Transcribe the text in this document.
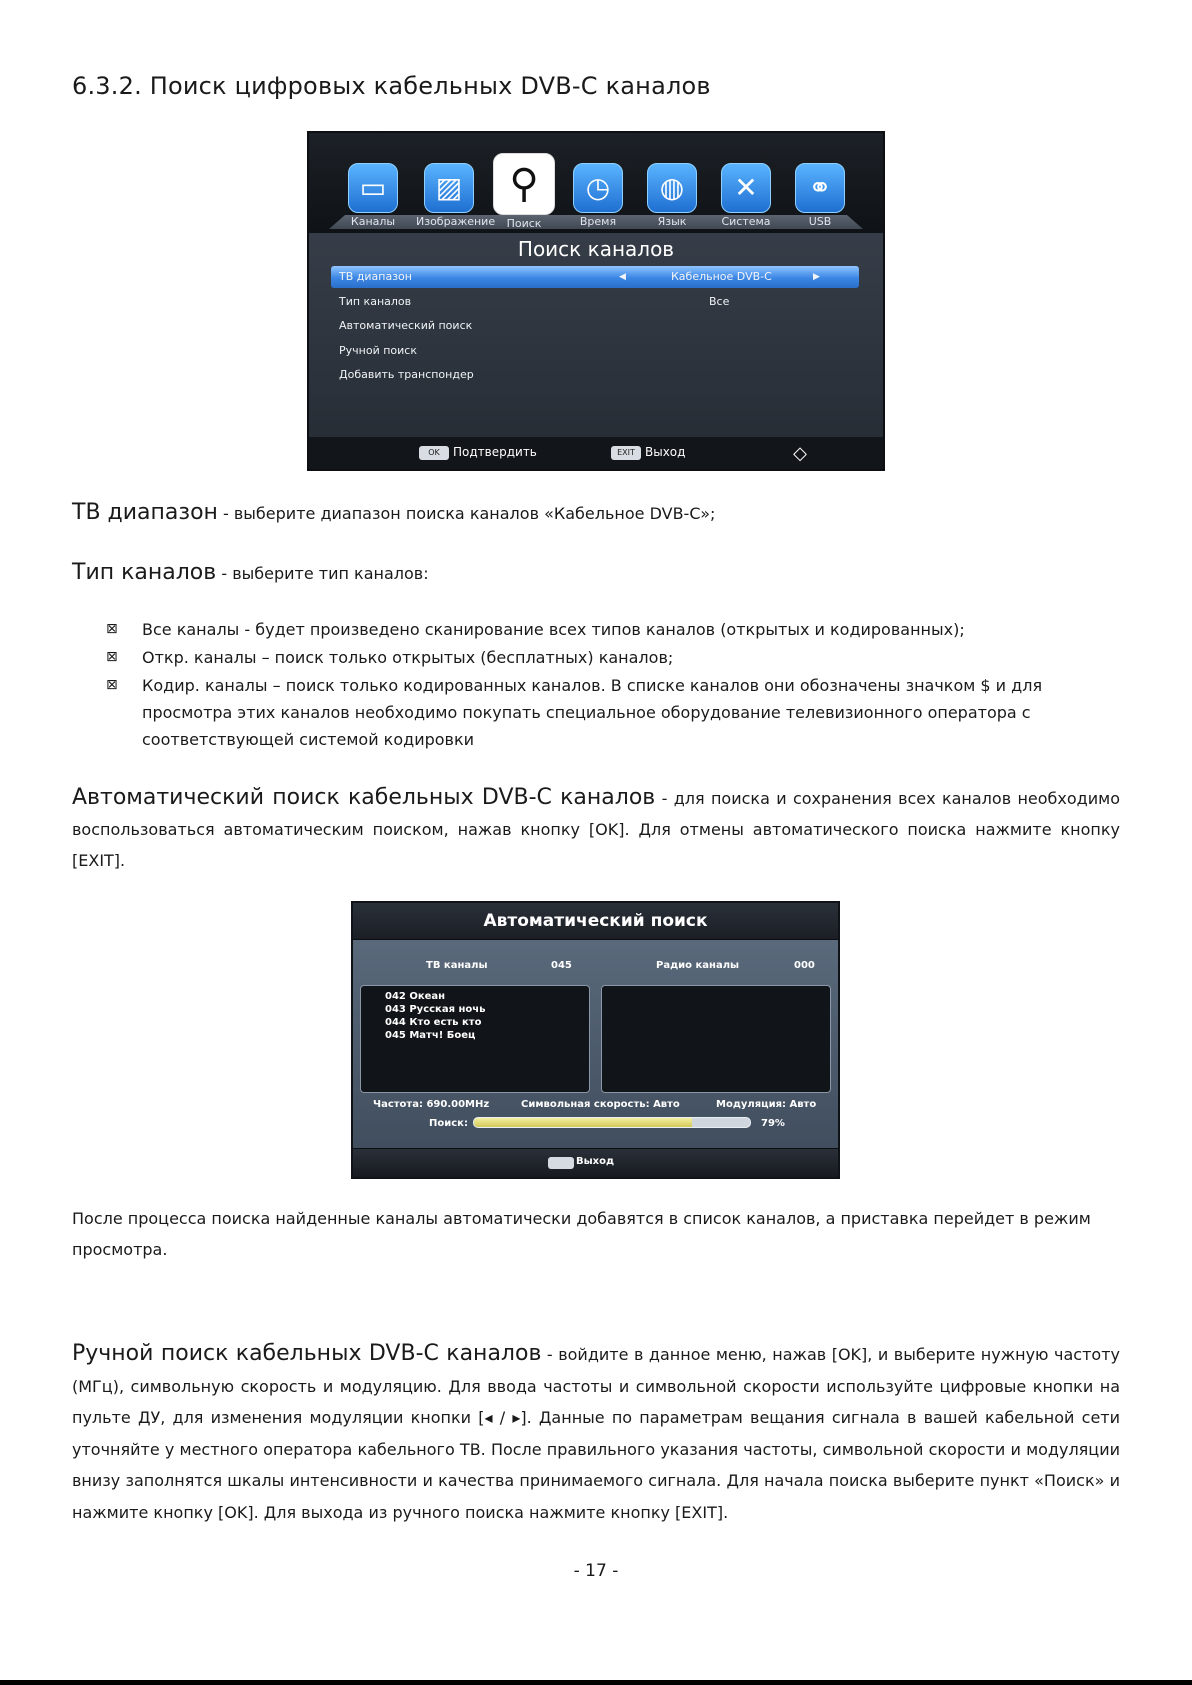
6.3.2. Поиск цифровых кабельных DVB-C каналов
▭
Каналы
▨
Изображение
⚲
Поиск
◷
Время
◍
Язык
✕
Система
⚭
USB
Поиск каналов
ТВ диапазон	◀	Кабельное DVB-C	▶
Тип каналов	Все
Автоматический поиск
Ручной поиск
Добавить транспондер
OK	Подтвердить	EXIT Выход	◇
ТВ диапазон - выберите диапазон поиска каналов «Кабельное DVB-C»;
Тип каналов - выберите тип каналов:
⊠ Все каналы - будет произведено сканирование всех типов каналов (открытых и кодированных);
⊠ Откр. каналы – поиск только открытых (бесплатных) каналов;
⊠ Кодир. каналы – поиск только кодированных каналов. В списке каналов они обозначены значком $ и для просмотра этих каналов необходимо покупать специальное оборудование телевизионного оператора с соответствующей системой кодировки
Автоматический поиск кабельных DVB-C каналов - для поиска и сохранения всех каналов необходимо воспользоваться автоматическим поиском, нажав кнопку [OK]. Для отмены автоматического поиска нажмите кнопку [EXIT].
Автоматический поиск
ТВ каналы	045	Радио каналы	000
042 Океан
043 Русская ночь
044 Кто есть кто
045 Матч! Боец
Частота: 690.00MHz	Символьная скорость: Авто	Модуляция: Авто
Поиск:	79%
Выход
После процесса поиска найденные каналы автоматически добавятся в список каналов, а приставка перейдет в режим просмотра.
Ручной поиск кабельных DVB-C каналов - войдите в данное меню, нажав [OK], и выберите нужную частоту (МГц), символьную скорость и модуляцию. Для ввода частоты и символьной скорости используйте цифровые кнопки на пульте ДУ, для изменения модуляции кнопки [◂ / ▸]. Данные по параметрам вещания сигнала в вашей кабельной сети уточняйте у местного оператора кабельного ТВ. После правильного указания частоты, символьной скорости и модуляции внизу заполнятся шкалы интенсивности и качества принимаемого сигнала. Для начала поиска выберите пункт «Поиск» и нажмите кнопку [OK]. Для выхода из ручного поиска нажмите кнопку [EXIT].
- 17 -
